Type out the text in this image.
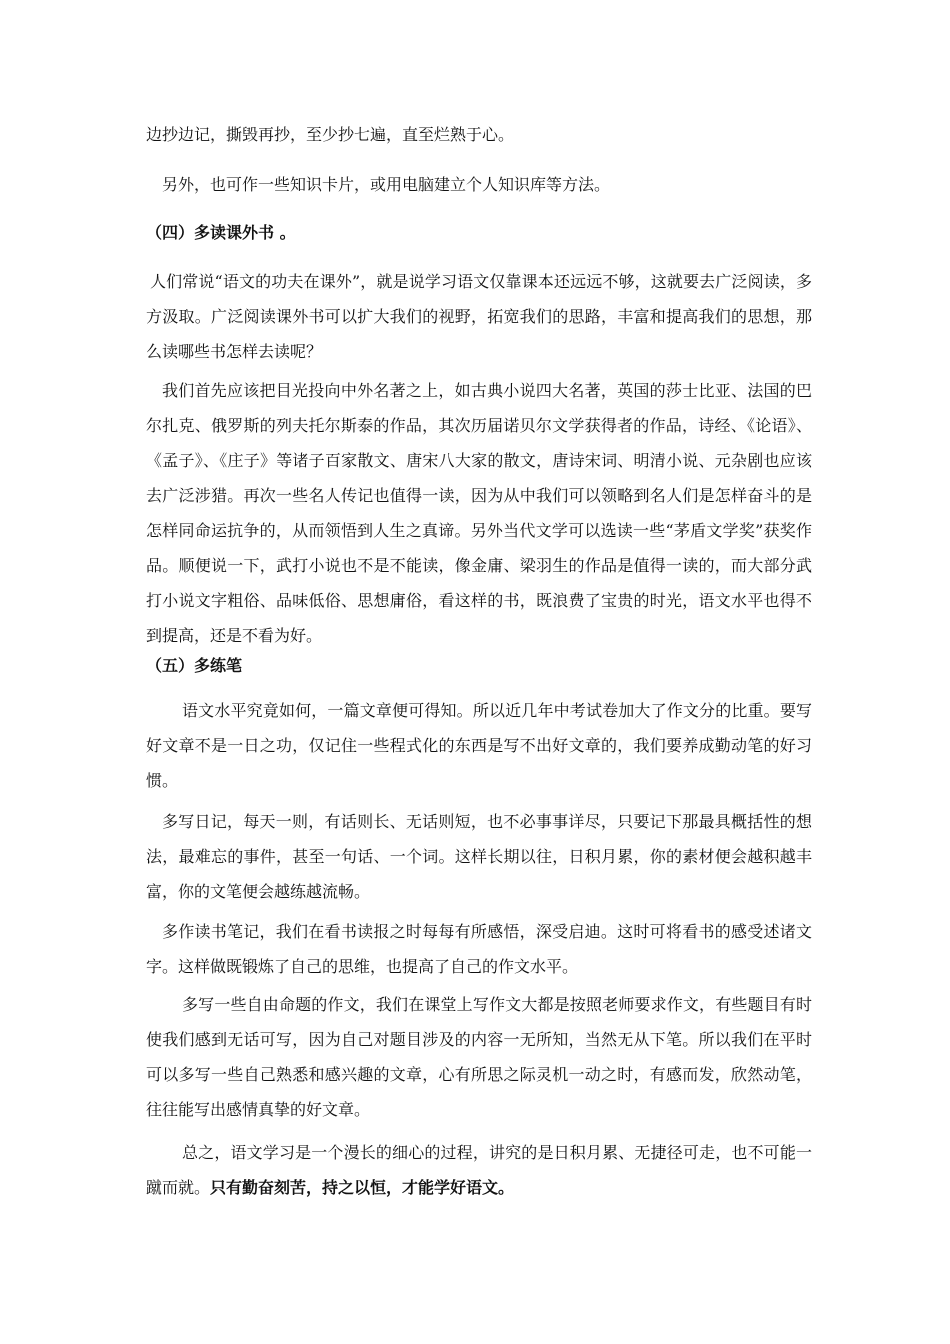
边抄边记，撕毁再抄，至少抄七遍，直至烂熟于心。

另外，也可作一些知识卡片，或用电脑建立个人知识库等方法。

（四）多读课外书 。

人们常说“语文的功夫在课外”，就是说学习语文仅靠课本还远远不够，这就要去广泛阅读，多方汲取。广泛阅读课外书可以扩大我们的视野，拓宽我们的思路，丰富和提高我们的思想，那么读哪些书怎样去读呢？

我们首先应该把目光投向中外名著之上，如古典小说四大名著，英国的莎士比亚、法国的巴尔扎克、俄罗斯的列夫托尔斯泰的作品，其次历届诺贝尔文学获得者的作品，诗经、《论语》、《孟子》、《庄子》等诸子百家散文、唐宋八大家的散文，唐诗宋词、明清小说、元杂剧也应该去广泛涉猎。再次一些名人传记也值得一读，因为从中我们可以领略到名人们是怎样奋斗的是怎样同命运抗争的，从而领悟到人生之真谛。另外当代文学可以选读一些“茅盾文学奖”获奖作品。顺便说一下，武打小说也不是不能读，像金庸、梁羽生的作品是值得一读的，而大部分武打小说文字粗俗、品味低俗、思想庸俗，看这样的书，既浪费了宝贵的时光，语文水平也得不到提高，还是不看为好。

（五）多练笔

语文水平究竟如何，一篇文章便可得知。所以近几年中考试卷加大了作文分的比重。要写好文章不是一日之功，仅记住一些程式化的东西是写不出好文章的，我们要养成勤动笔的好习惯。

多写日记，每天一则，有话则长、无话则短，也不必事事详尽，只要记下那最具概括性的想法，最难忘的事件，甚至一句话、一个词。这样长期以往，日积月累，你的素材便会越积越丰富，你的文笔便会越练越流畅。

多作读书笔记，我们在看书读报之时每每有所感悟，深受启迪。这时可将看书的感受述诸文字。这样做既锻炼了自己的思维，也提高了自己的作文水平。

多写一些自由命题的作文，我们在课堂上写作文大都是按照老师要求作文，有些题目有时使我们感到无话可写，因为自己对题目涉及的内容一无所知，当然无从下笔。所以我们在平时可以多写一些自己熟悉和感兴趣的文章，心有所思之际灵机一动之时，有感而发，欣然动笔，往往能写出感情真挚的好文章。

总之，语文学习是一个漫长的细心的过程，讲究的是日积月累、无捷径可走，也不可能一蹴而就。只有勤奋刻苦，持之以恒，才能学好语文。
